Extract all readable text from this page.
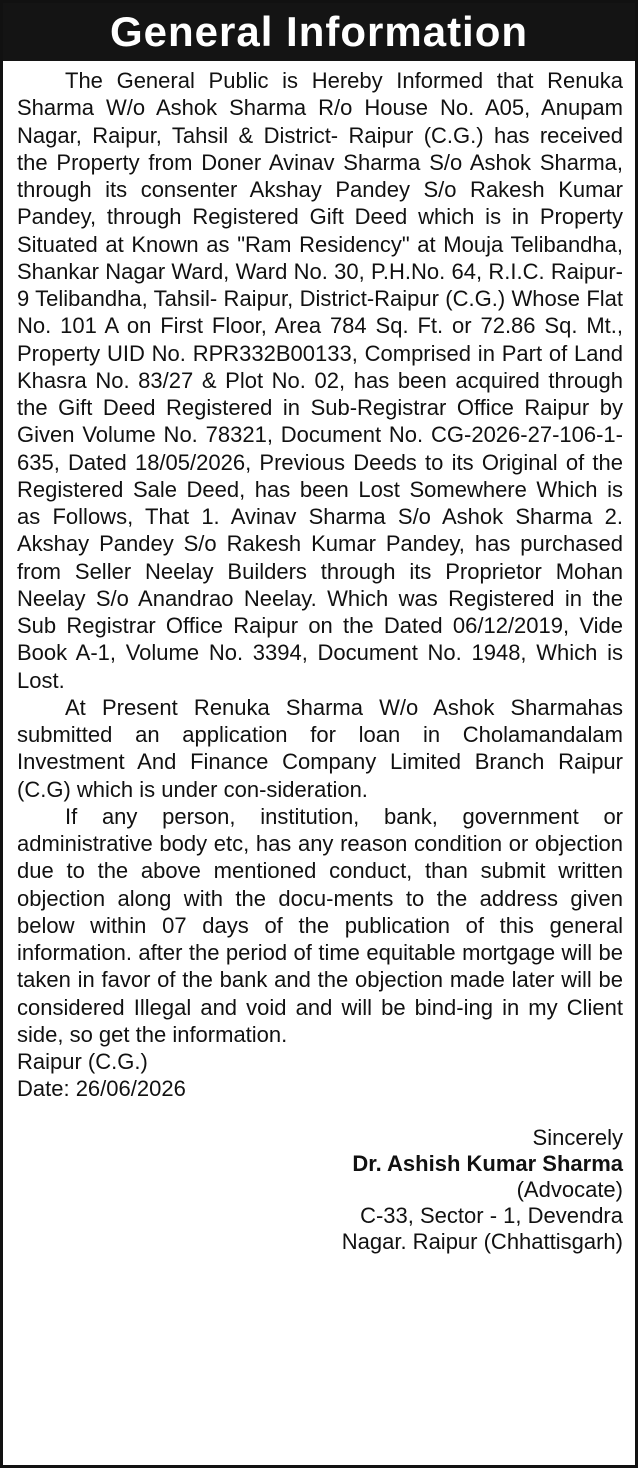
General Information

The General Public is Hereby Informed that Renuka Sharma W/o Ashok Sharma R/o House No. A05, Anupam Nagar, Raipur, Tahsil & District- Raipur (C.G.) has received the Property from Doner Avinav Sharma S/o Ashok Sharma, through its consenter Akshay Pandey S/o Rakesh Kumar Pandey, through Registered Gift Deed which is in Property Situated at Known as "Ram Residency" at Mouja Telibandha, Shankar Nagar Ward, Ward No. 30, P.H.No. 64, R.I.C. Raipur-9 Telibandha, Tahsil- Raipur, District-Raipur (C.G.) Whose Flat No. 101 A on First Floor, Area 784 Sq. Ft. or 72.86 Sq. Mt., Property UID No. RPR332B00133, Comprised in Part of Land Khasra No. 83/27 & Plot No. 02, has been acquired through the Gift Deed Registered in Sub-Registrar Office Raipur by Given Volume No. 78321, Document No. CG-2026-27-106-1-635, Dated 18/05/2026, Previous Deeds to its Original of the Registered Sale Deed, has been Lost Somewhere Which is as Follows, That 1. Avinav Sharma S/o Ashok Sharma 2. Akshay Pandey S/o Rakesh Kumar Pandey, has purchased from Seller Neelay Builders through its Proprietor Mohan Neelay S/o Anandrao Neelay. Which was Registered in the Sub Registrar Office Raipur on the Dated 06/12/2019, Vide Book A-1, Volume No. 3394, Document No. 1948, Which is Lost.

At Present Renuka Sharma W/o Ashok Sharmahas submitted an application for loan in Cholamandalam Investment And Finance Company Limited Branch Raipur (C.G) which is under con-sideration.

If any person, institution, bank, government or administrative body etc, has any reason condition or objection due to the above mentioned conduct, than submit written objection along with the docu-ments to the address given below within 07 days of the publication of this general information. after the period of time equitable mortgage will be taken in favor of the bank and the objection made later will be considered Illegal and void and will be bind-ing in my Client side, so get the information.

Raipur (C.G.)

Date: 26/06/2026

Sincerely
Dr. Ashish Kumar Sharma
(Advocate)
C-33, Sector - 1, Devendra
Nagar. Raipur (Chhattisgarh)
